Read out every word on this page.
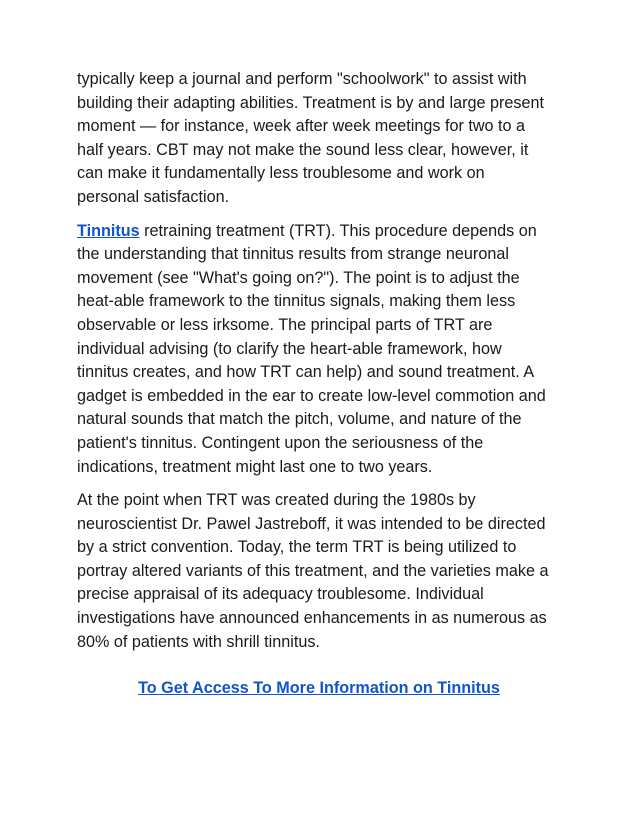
typically keep a journal and perform "schoolwork" to assist with
building their adapting abilities. Treatment is by and large present
moment — for instance, week after week meetings for two to a
half years. CBT may not make the sound less clear, however, it
can make it fundamentally less troublesome and work on
personal satisfaction.

Tinnitus retraining treatment (TRT). This procedure depends on
the understanding that tinnitus results from strange neuronal
movement (see "What's going on?"). The point is to adjust the
heat-able framework to the tinnitus signals, making them less
observable or less irksome. The principal parts of TRT are
individual advising (to clarify the heart-able framework, how
tinnitus creates, and how TRT can help) and sound treatment. A
gadget is embedded in the ear to create low-level commotion and
natural sounds that match the pitch, volume, and nature of the
patient's tinnitus. Contingent upon the seriousness of the
indications, treatment might last one to two years.

At the point when TRT was created during the 1980s by
neuroscientist Dr. Pawel Jastreboff, it was intended to be directed
by a strict convention. Today, the term TRT is being utilized to
portray altered variants of this treatment, and the varieties make a
precise appraisal of its adequacy troublesome. Individual
investigations have announced enhancements in as numerous as
80% of patients with shrill tinnitus.

To Get Access To More Information on Tinnitus
